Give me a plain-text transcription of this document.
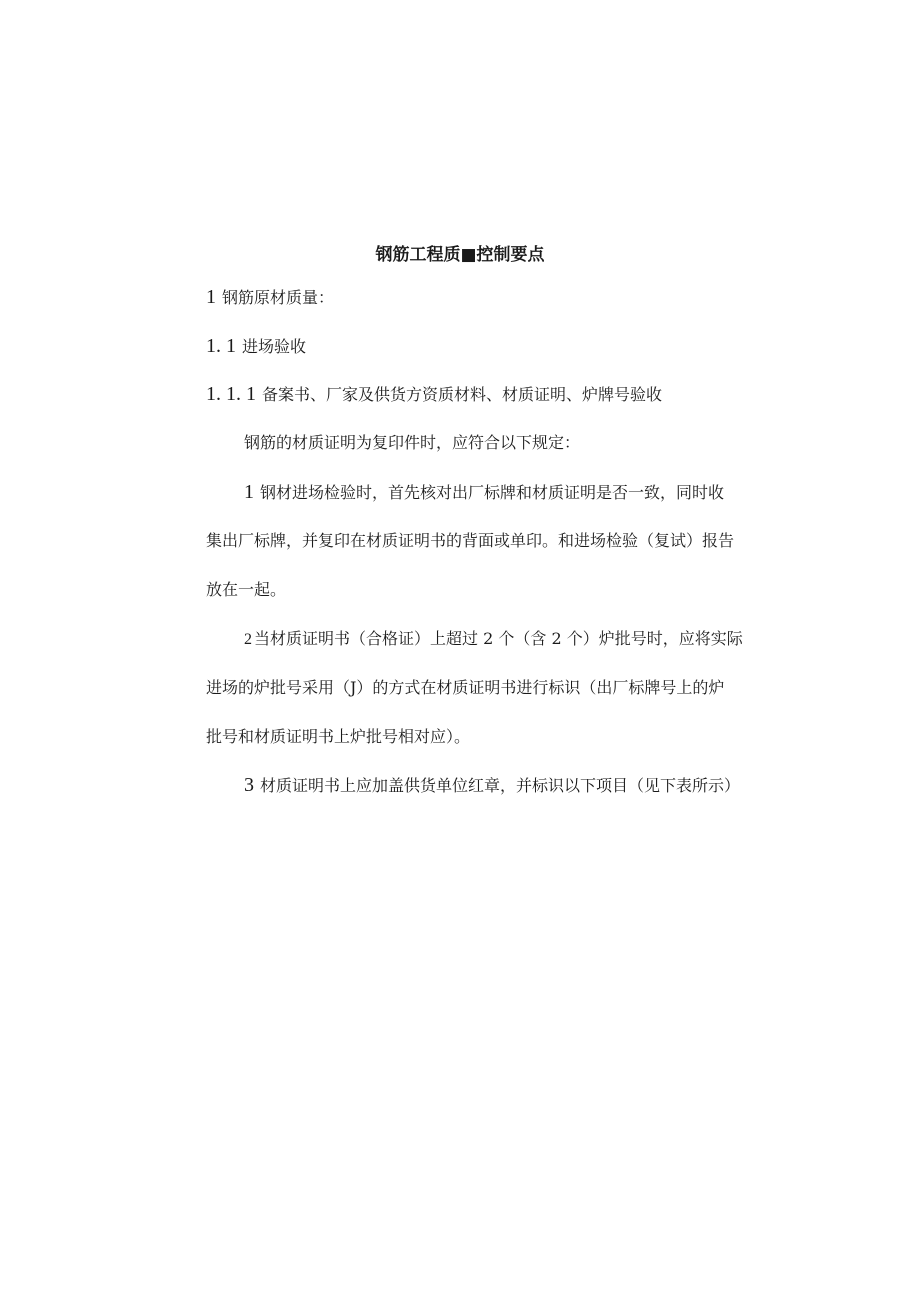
钢筋工程质■控制要点
1 钢筋原材质量：
1. 1 进场验收
1. 1. 1 备案书、厂家及供货方资质材料、材质证明、炉牌号验收
钢筋的材质证明为复印件时，应符合以下规定：
1 钢材进场检验时，首先核对出厂标牌和材质证明是否一致，同时收
集出厂标牌，并复印在材质证明书的背面或单印。和进场检验（复试）报告
放在一起。
2 当材质证明书（合格证）上超过 2 个（含 2 个）炉批号时，应将实际
进场的炉批号采用（J）的方式在材质证明书进行标识（出厂标牌号上的炉
批号和材质证明书上炉批号相对应）。
3 材质证明书上应加盖供货单位红章，并标识以下项目（见下表所示）
